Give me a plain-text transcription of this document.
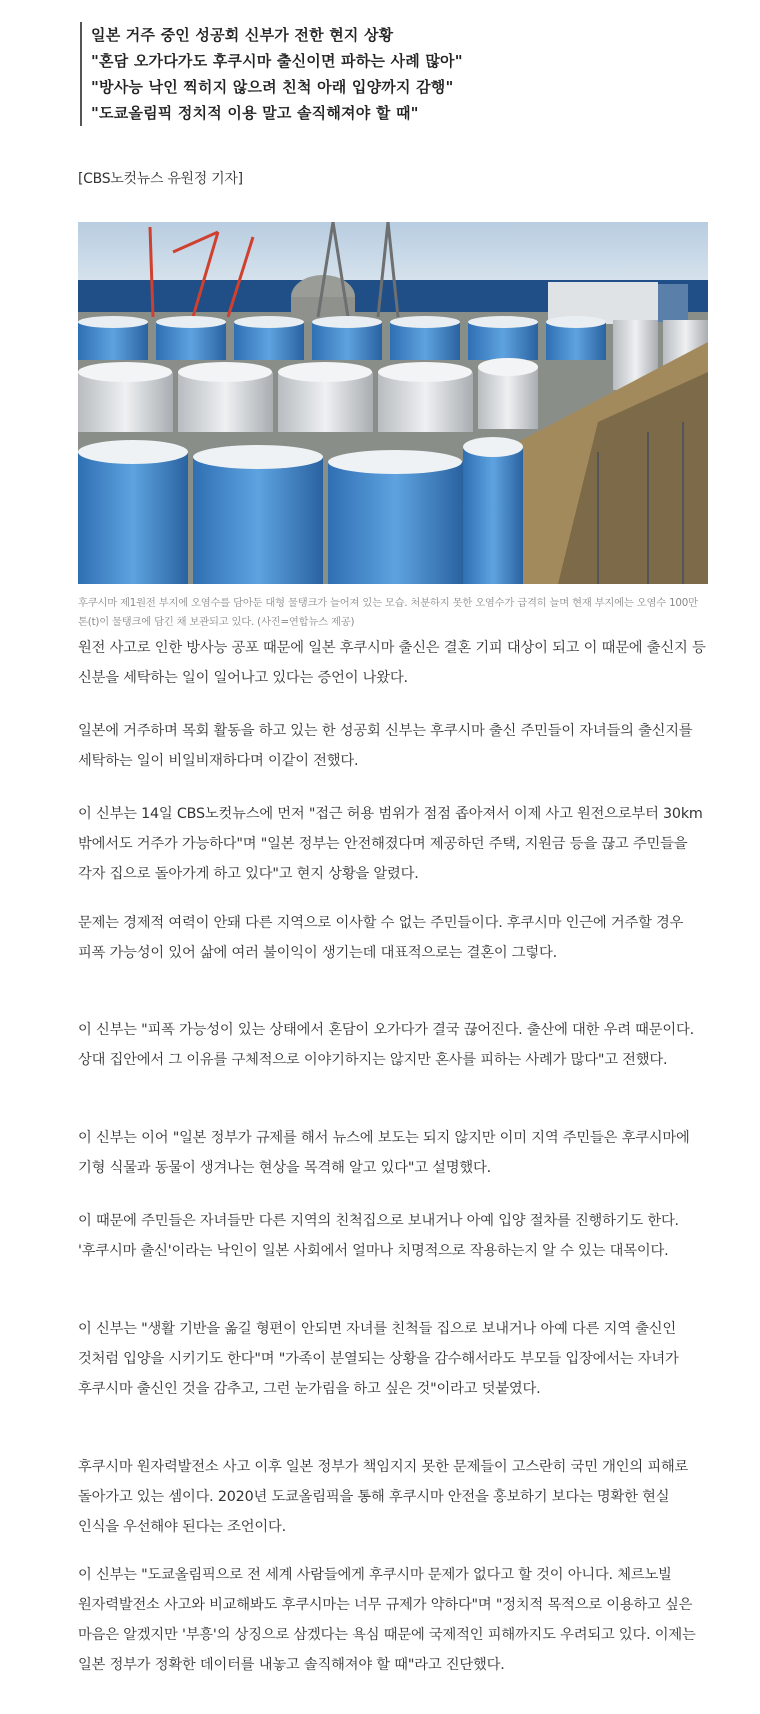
일본 거주 중인 성공회 신부가 전한 현지 상황
"혼담 오가다가도 후쿠시마 출신이면 파하는 사례 많아"
"방사능 낙인 찍히지 않으려 친척 아래 입양까지 감행"
"도쿄올림픽 정치적 이용 말고 솔직해져야 할 때"
[CBS노컷뉴스 유원정 기자]
후쿠시마 제1원전 부지에 오염수를 담아둔 대형 물탱크가 늘어져 있는 모습. 처분하지 못한 오염수가 급격히 늘며 현재 부지에는 오염수 100만 톤(t)이 물탱크에 담긴 채 보관되고 있다. (사진=연합뉴스 제공)
원전 사고로 인한 방사능 공포 때문에 일본 후쿠시마 출신은 결혼 기피 대상이 되고 이 때문에 출신지 등 신분을 세탁하는 일이 일어나고 있다는 증언이 나왔다.
일본에 거주하며 목회 활동을 하고 있는 한 성공회 신부는 후쿠시마 출신 주민들이 자녀들의 출신지를 세탁하는 일이 비일비재하다며 이같이 전했다.
이 신부는 14일 CBS노컷뉴스에 먼저 "접근 허용 범위가 점점 좁아져서 이제 사고 원전으로부터 30km 밖에서도 거주가 가능하다"며 "일본 정부는 안전해졌다며 제공하던 주택, 지원금 등을 끊고 주민들을 각자 집으로 돌아가게 하고 있다"고 현지 상황을 알렸다.
문제는 경제적 여력이 안돼 다른 지역으로 이사할 수 없는 주민들이다. 후쿠시마 인근에 거주할 경우 피폭 가능성이 있어 삶에 여러 불이익이 생기는데 대표적으로는 결혼이 그렇다.
이 신부는 "피폭 가능성이 있는 상태에서 혼담이 오가다가 결국 끊어진다. 출산에 대한 우려 때문이다. 상대 집안에서 그 이유를 구체적으로 이야기하지는 않지만 혼사를 피하는 사례가 많다"고 전했다.
이 신부는 이어 "일본 정부가 규제를 해서 뉴스에 보도는 되지 않지만 이미 지역 주민들은 후쿠시마에 기형 식물과 동물이 생겨나는 현상을 목격해 알고 있다"고 설명했다.
이 때문에 주민들은 자녀들만 다른 지역의 친척집으로 보내거나 아예 입양 절차를 진행하기도 한다. '후쿠시마 출신'이라는 낙인이 일본 사회에서 얼마나 치명적으로 작용하는지 알 수 있는 대목이다.
이 신부는 "생활 기반을 옮길 형편이 안되면 자녀를 친척들 집으로 보내거나 아예 다른 지역 출신인 것처럼 입양을 시키기도 한다"며 "가족이 분열되는 상황을 감수해서라도 부모들 입장에서는 자녀가 후쿠시마 출신인 것을 감추고, 그런 눈가림을 하고 싶은 것"이라고 덧붙였다.
후쿠시마 원자력발전소 사고 이후 일본 정부가 책임지지 못한 문제들이 고스란히 국민 개인의 피해로 돌아가고 있는 셈이다. 2020년 도쿄올림픽을 통해 후쿠시마 안전을 홍보하기 보다는 명확한 현실 인식을 우선해야 된다는 조언이다.
이 신부는 "도쿄올림픽으로 전 세계 사람들에게 후쿠시마 문제가 없다고 할 것이 아니다. 체르노빌 원자력발전소 사고와 비교해봐도 후쿠시마는 너무 규제가 약하다"며 "정치적 목적으로 이용하고 싶은 마음은 알겠지만 '부흥'의 상징으로 삼겠다는 욕심 때문에 국제적인 피해까지도 우려되고 있다. 이제는 일본 정부가 정확한 데이터를 내놓고 솔직해져야 할 때"라고 진단했다.
